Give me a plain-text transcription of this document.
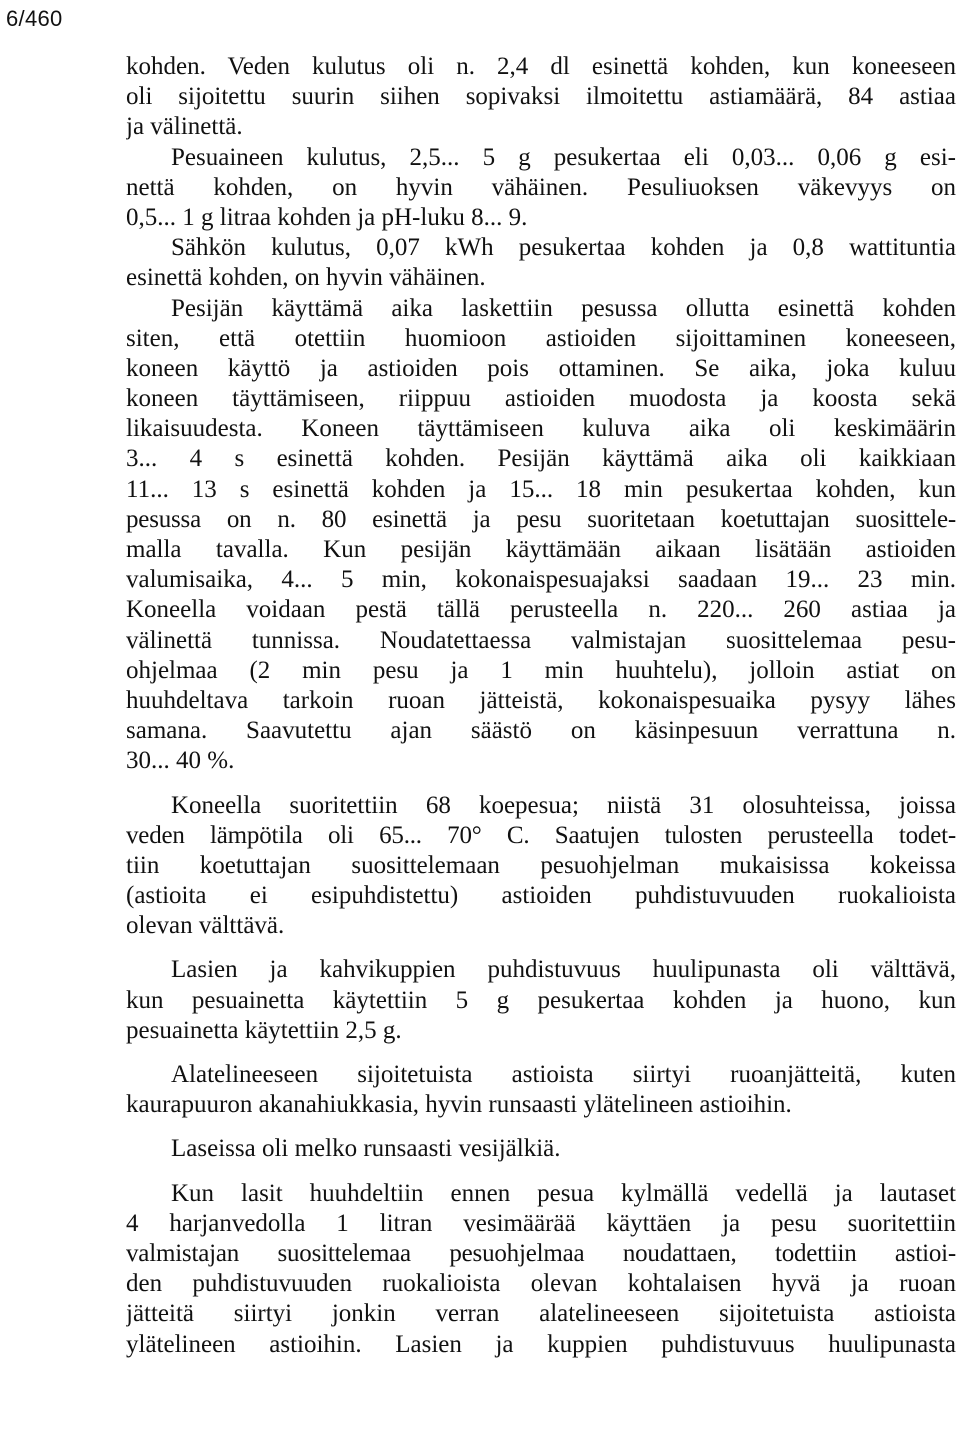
6/460
kohden. Veden kulutus oli n. 2,4 dl esinettä kohden, kun koneeseen
oli sijoitettu suurin siihen sopivaksi ilmoitettu astiamäärä, 84 astiaa
ja välinettä.
Pesuaineen kulutus, 2,5... 5 g pesukertaa eli 0,03... 0,06 g esi-
nettä kohden, on hyvin vähäinen. Pesuliuoksen väkevyys on
0,5... 1 g litraa kohden ja pH-luku 8... 9.
Sähkön kulutus, 0,07 kWh pesukertaa kohden ja 0,8 wattituntia
esinettä kohden, on hyvin vähäinen.
Pesijän käyttämä aika laskettiin pesussa ollutta esinettä kohden
siten, että otettiin huomioon astioiden sijoittaminen koneeseen,
koneen käyttö ja astioiden pois ottaminen. Se aika, joka kuluu
koneen täyttämiseen, riippuu astioiden muodosta ja koosta sekä
likaisuudesta. Koneen täyttämiseen kuluva aika oli keskimäärin
3... 4 s esinettä kohden. Pesijän käyttämä aika oli kaikkiaan
11... 13 s esinettä kohden ja 15... 18 min pesukertaa kohden, kun
pesussa on n. 80 esinettä ja pesu suoritetaan koetuttajan suosittele-
malla tavalla. Kun pesijän käyttämään aikaan lisätään astioiden
valumisaika, 4... 5 min, kokonaispesuajaksi saadaan 19... 23 min.
Koneella voidaan pestä tällä perusteella n. 220... 260 astiaa ja
välinettä tunnissa. Noudatettaessa valmistajan suosittelemaa pesu-
ohjelmaa (2 min pesu ja 1 min huuhtelu), jolloin astiat on
huuhdeltava tarkoin ruoan jätteistä, kokonaispesuaika pysyy lähes
samana. Saavutettu ajan säästö on käsinpesuun verrattuna n.
30... 40 %.
Koneella suoritettiin 68 koepesua; niistä 31 olosuhteissa, joissa
veden lämpötila oli 65... 70° C. Saatujen tulosten perusteella todet-
tiin koetuttajan suosittelemaan pesuohjelman mukaisissa kokeissa
(astioita ei esipuhdistettu) astioiden puhdistuvuuden ruokalioista
olevan välttävä.
Lasien ja kahvikuppien puhdistuvuus huulipunasta oli välttävä,
kun pesuainetta käytettiin 5 g pesukertaa kohden ja huono, kun
pesuainetta käytettiin 2,5 g.
Alatelineeseen sijoitetuista astioista siirtyi ruoanjätteitä, kuten
kaurapuuron akanahiukkasia, hyvin runsaasti ylätelineen astioihin.
Laseissa oli melko runsaasti vesijälkiä.
Kun lasit huuhdeltiin ennen pesua kylmällä vedellä ja lautaset
4 harjanvedolla 1 litran vesimäärää käyttäen ja pesu suoritettiin
valmistajan suosittelemaa pesuohjelmaa noudattaen, todettiin astioi-
den puhdistuvuuden ruokalioista olevan kohtalaisen hyvä ja ruoan
jätteitä siirtyi jonkin verran alatelineeseen sijoitetuista astioista
ylätelineen astioihin. Lasien ja kuppien puhdistuvuus huulipunasta
